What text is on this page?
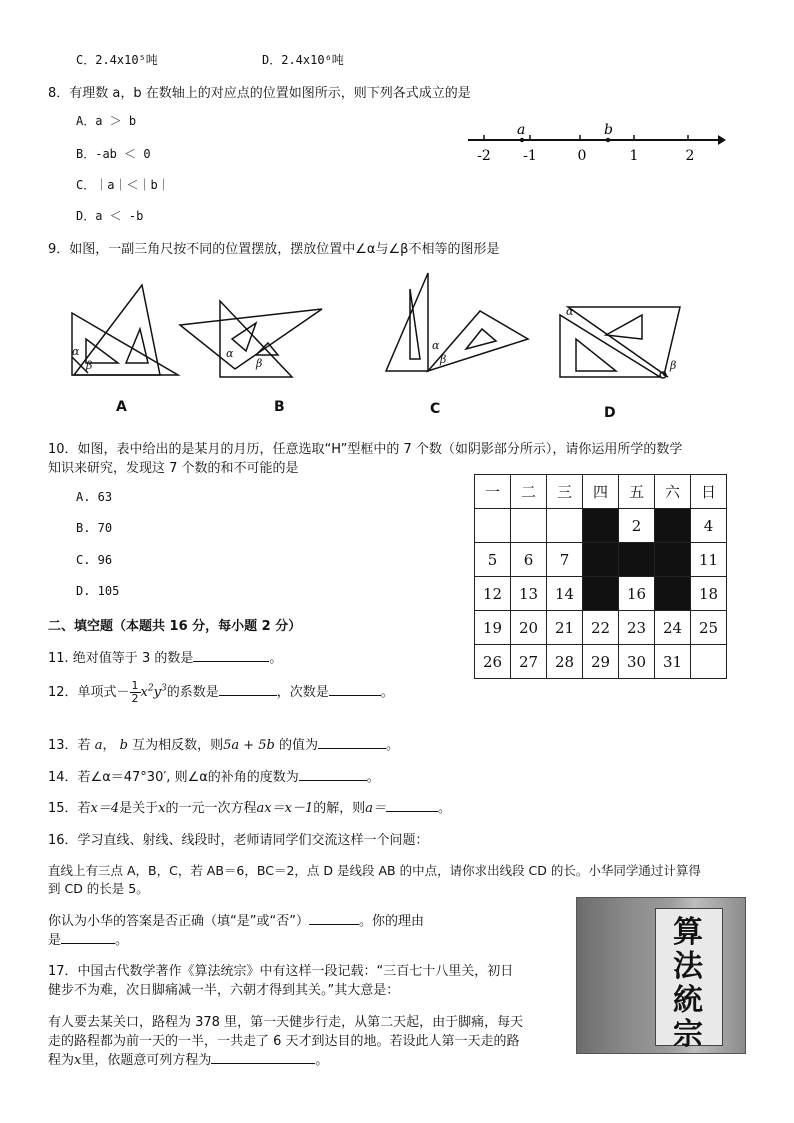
C．2.4x10⁵吨	D．2.4x10⁶吨
8．有理数 a，b 在数轴上的对应点的位置如图所示，则下列各式成立的是
A．a ＞ b
B．-ab ＜ 0
C．｜a｜＜｜b｜
D．a ＜ -b
a	b
-2 -1	0	1	2
9．如图，一副三角尺按不同的位置摆放，摆放位置中∠α与∠β不相等的图形是
α
β
α
β
α
β
α
β
A	B	C	D
10．如图，表中给出的是某月的月历，任意选取“H”型框中的 7 个数（如阴影部分所示），请你运用所学的数学
知识来研究，发现这 7 个数的和不可能的是
A. 63
B. 70
C. 96
D. 105
一	二	三	四	五	六	日
				2		4
5	6	7				11
12	13	14		16		18
19	20	21	22	23	24	25
26	27	28	29	30	31	
二、填空题（本题共 16 分，每小题 2 分）
11. 绝对值等于 3 的数是	。
12．单项式－ $\frac{1}{2} x^2y^3$的系数是	，次数是	。
13．若 a， b 互为相反数，则5a + 5b 的值为	。
14．若∠α＝47°30′, 则∠α的补角的度数为	。
15．若x＝4是关于x的一元一次方程ax＝x－1的解，则a＝	。
16．学习直线、射线、线段时，老师请同学们交流这样一个问题：
直线上有三点 A，B，C，若 AB＝6，BC＝2，点 D 是线段 AB 的中点，请你求出线段 CD 的长。小华同学通过计算得
到 CD 的长是 5。
你认为小华的答案是否正确（填“是”或“否”）	。你的理由
是	。
17．中国古代数学著作《算法统宗》中有这样一段记载：“三百七十八里关，初日
健步不为难，次日脚痛减一半，六朝才得到其关。”其大意是：
有人要去某关口，路程为 378 里，第一天健步行走，从第二天起，由于脚痛，每天
走的路程都为前一天的一半，一共走了 6 天才到达目的地。若设此人第一天走的路
程为x里，依题意可列方程为	。
算法統宗
